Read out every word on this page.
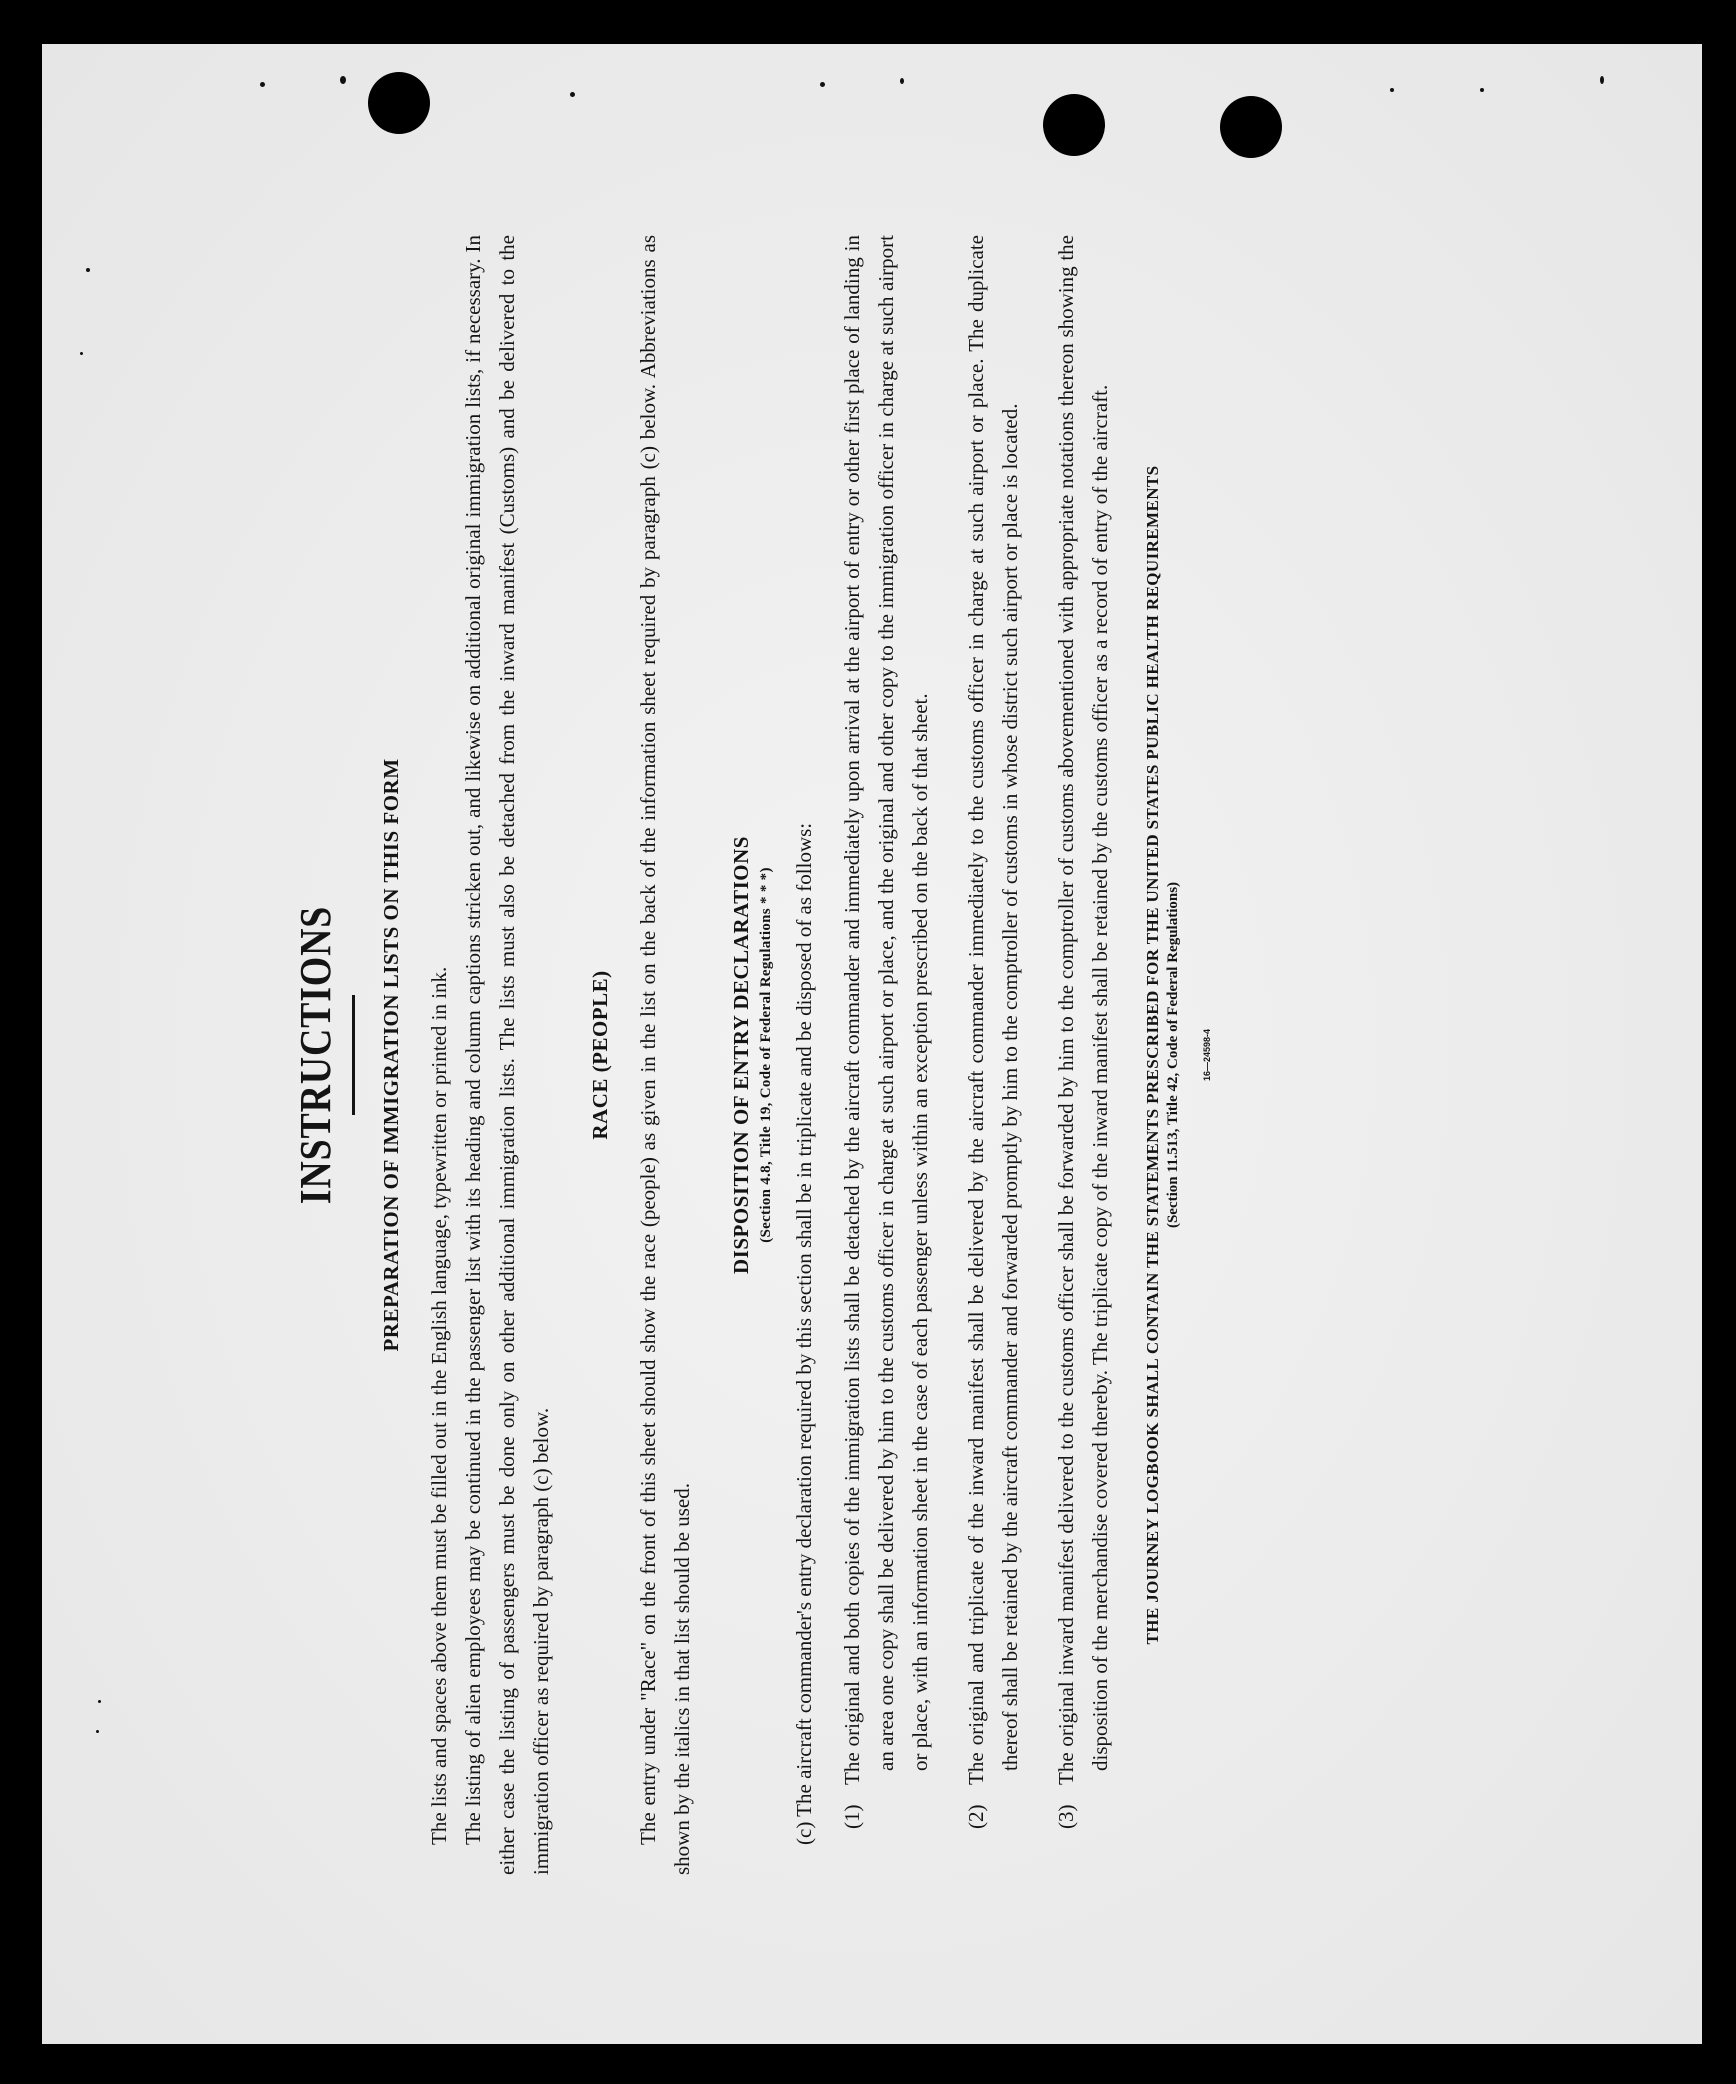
INSTRUCTIONS PREPARATION OF IMMIGRATION LISTS ON THIS FORM The lists and spaces above them must be filled out in the English language, typewritten or printed in ink. The listing of alien employees may be continued in the passenger list with its heading and column captions stricken out, and likewise on additional original immigration lists, if necessary. In either case the listing of passengers must be done only on other additional immigration lists. The lists must also be detached from the inward manifest (Customs) and be delivered to the immigration officer as required by paragraph (c) below.

RACE (PEOPLE) The entry under "Race" on the front of this sheet should show the race (people) as given in the list on the back of the information sheet required by paragraph (c) below. Abbreviations as shown by the italics in that list should be used.

DISPOSITION OF ENTRY DECLARATIONS (Section 4.8, Title 19, Code of Federal Regulations * * *) (c) The aircraft commander's entry declaration required by this section shall be in triplicate and be disposed of as follows: (1)
The original and both copies of the immigration lists shall be detached by the aircraft commander and immediately upon arrival at the airport of entry or other first place of landing in an area one copy shall be delivered by him to the customs officer in charge at such airport or place, and the original and other copy to the immigration officer in charge at such airport or place, with an information sheet in the case of each passenger unless within an exception prescribed on the back of that sheet.
(2)
The original and triplicate of the inward manifest shall be delivered by the aircraft commander immediately to the customs officer in charge at such airport or place. The duplicate thereof shall be retained by the aircraft commander and forwarded promptly by him to the comptroller of customs in whose district such airport or place is located.
(3)
The original inward manifest delivered to the customs officer shall be forwarded by him to the comptroller of customs abovementioned with appropriate notations thereon showing the disposition of the merchandise covered thereby. The triplicate copy of the inward manifest shall be retained by the customs officer as a record of entry of the aircraft. THE JOURNEY LOGBOOK SHALL CONTAIN THE STATEMENTS PRESCRIBED FOR THE UNITED STATES PUBLIC HEALTH REQUIREMENTS (Section 11.513, Title 42, Code of Federal Regulations) 16—24598-4
